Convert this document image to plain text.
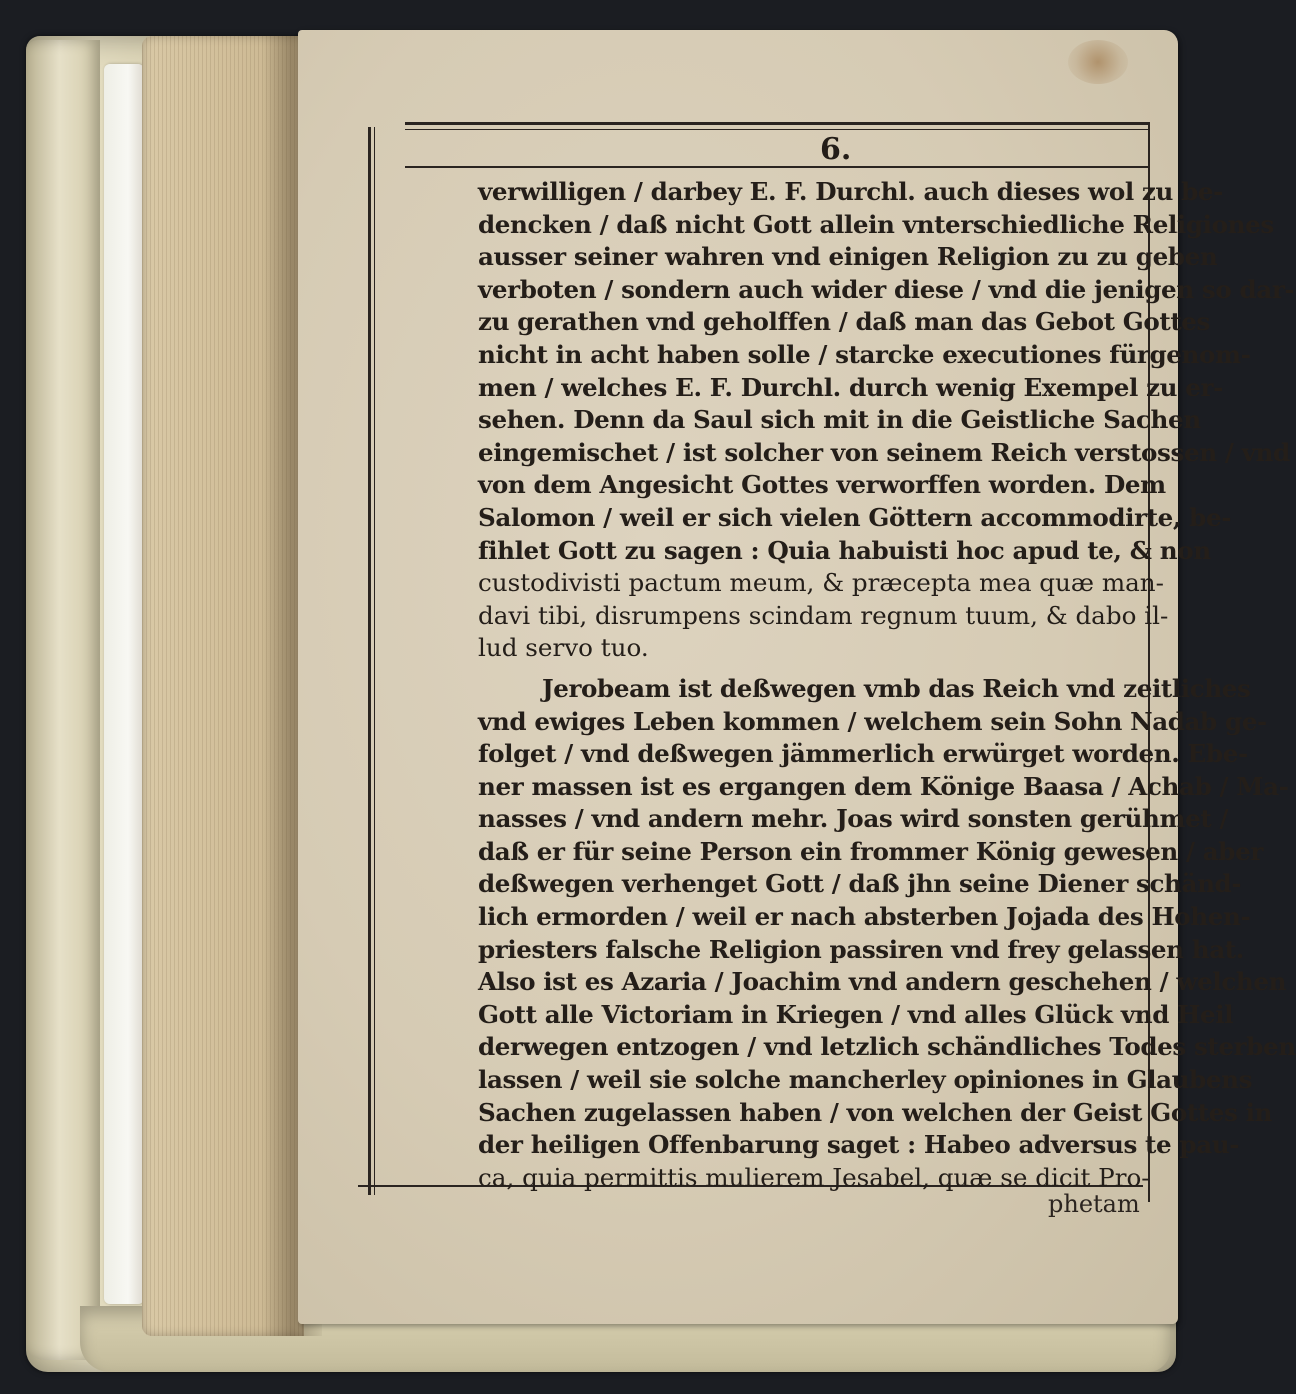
6.
verwilligen / darbey E. F. Durchl. auch dieses wol zu be-
dencken / daß nicht Gott allein vnterschiedliche Religiones
ausser seiner wahren vnd einigen Religion zu zu geben
verboten / sondern auch wider diese / vnd die jenigen so dar-
zu gerathen vnd geholffen / daß man das Gebot Gottes
nicht in acht haben solle / starcke executiones fürgenom-
men / welches E. F. Durchl. durch wenig Exempel zu er-
sehen. Denn da Saul sich mit in die Geistliche Sachen
eingemischet / ist solcher von seinem Reich verstossen / vnd
von dem Angesicht Gottes verworffen worden. Dem
Salomon / weil er sich vielen Göttern accommodirte, be-
fihlet Gott zu sagen : Quia habuisti hoc apud te, & non
custodivisti pactum meum, & præcepta mea quæ man-
davi tibi, disrumpens scindam regnum tuum, & dabo il-
lud servo tuo.
Jerobeam ist deßwegen vmb das Reich vnd zeitliches
vnd ewiges Leben kommen / welchem sein Sohn Nadab ge-
folget / vnd deßwegen jämmerlich erwürget worden. Ebe-
ner massen ist es ergangen dem Könige Baasa / Achab / Ma-
nasses / vnd andern mehr. Joas wird sonsten gerühmet /
daß er für seine Person ein frommer König gewesen / aber
deßwegen verhenget Gott / daß jhn seine Diener schänd-
lich ermorden / weil er nach absterben Jojada des Hohen-
priesters falsche Religion passiren vnd frey gelassen hat.
Also ist es Azaria / Joachim vnd andern geschehen / welchen
Gott alle Victoriam in Kriegen / vnd alles Glück vnd Heil
derwegen entzogen / vnd letzlich schändliches Todes sterben
lassen / weil sie solche mancherley opiniones in Glaubens
Sachen zugelassen haben / von welchen der Geist Gottes in
der heiligen Offenbarung saget : Habeo adversus te pau-
ca, quia permittis mulierem Jesabel, quæ se dicit Pro-
phetam
